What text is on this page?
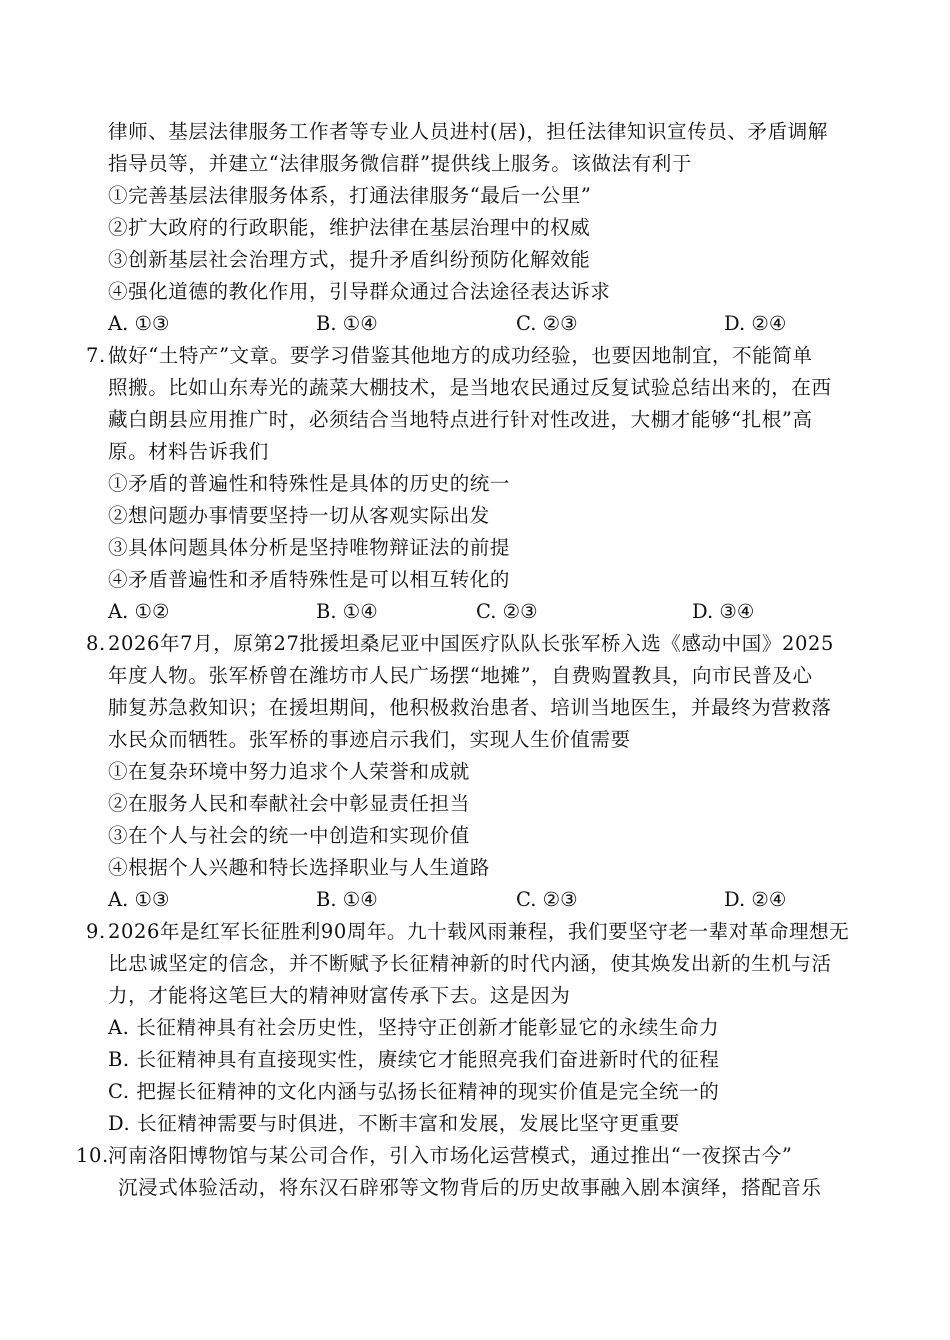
律师、基层法律服务工作者等专业人员进村(居)，担任法律知识宣传员、矛盾调解
指导员等，并建立“法律服务微信群”提供线上服务。该做法有利于
①完善基层法律服务体系，打通法律服务“最后一公里”
②扩大政府的行政职能，维护法律在基层治理中的权威
③创新基层社会治理方式，提升矛盾纠纷预防化解效能
④强化道德的教化作用，引导群众通过合法途径表达诉求
A. ①③	B. ①④	C. ②③	D. ②④
7. 做好“土特产”文章。要学习借鉴其他地方的成功经验，也要因地制宜，不能简单
照搬。比如山东寿光的蔬菜大棚技术，是当地农民通过反复试验总结出来的，在西
藏白朗县应用推广时，必须结合当地特点进行针对性改进，大棚才能够“扎根”高
原。材料告诉我们
①矛盾的普遍性和特殊性是具体的历史的统一
②想问题办事情要坚持一切从客观实际出发
③具体问题具体分析是坚持唯物辩证法的前提
④矛盾普遍性和矛盾特殊性是可以相互转化的
A. ①②	B. ①④	C. ②③	D. ③④
8. 2026年7月，原第27批援坦桑尼亚中国医疗队队长张军桥入选《感动中国》2025
年度人物。张军桥曾在潍坊市人民广场摆“地摊”，自费购置教具，向市民普及心
肺复苏急救知识；在援坦期间，他积极救治患者、培训当地医生，并最终为营救落
水民众而牺牲。张军桥的事迹启示我们，实现人生价值需要
①在复杂环境中努力追求个人荣誉和成就
②在服务人民和奉献社会中彰显责任担当
③在个人与社会的统一中创造和实现价值
④根据个人兴趣和特长选择职业与人生道路
A. ①③	B. ①④	C. ②③	D. ②④
9. 2026年是红军长征胜利90周年。九十载风雨兼程，我们要坚守老一辈对革命理想无
比忠诚坚定的信念，并不断赋予长征精神新的时代内涵，使其焕发出新的生机与活
力，才能将这笔巨大的精神财富传承下去。这是因为
A. 长征精神具有社会历史性，坚持守正创新才能彰显它的永续生命力
B. 长征精神具有直接现实性，赓续它才能照亮我们奋进新时代的征程
C. 把握长征精神的文化内涵与弘扬长征精神的现实价值是完全统一的
D. 长征精神需要与时俱进，不断丰富和发展，发展比坚守更重要
10. 河南洛阳博物馆与某公司合作，引入市场化运营模式，通过推出“一夜探古今”
沉浸式体验活动，将东汉石辟邪等文物背后的历史故事融入剧本演绎，搭配音乐
